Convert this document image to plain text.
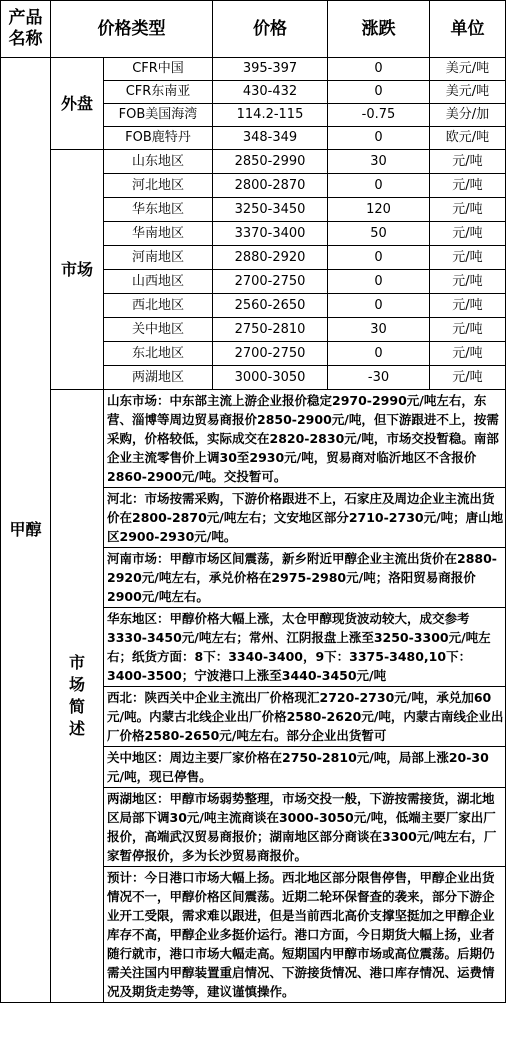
产品名称	价格类型		价格	涨跌	单位
甲醇	外盘	CFR中国	395-397	0	美元/吨
		CFR东南亚	430-432	0	美元/吨
		FOB美国海湾	114.2-115	-0.75	美分/加
		FOB鹿特丹	348-349	0	欧元/吨
	市场	山东地区	2850-2990	30	元/吨
		河北地区	2800-2870	0	元/吨
		华东地区	3250-3450	120	元/吨
		华南地区	3370-3400	50	元/吨
		河南地区	2880-2920	0	元/吨
		山西地区	2700-2750	0	元/吨
		西北地区	2560-2650	0	元/吨
		关中地区	2750-2810	30	元/吨
		东北地区	2700-2750	0	元/吨
		两湖地区	3000-3050	-30	元/吨
	市场简述	山东市场：中东部主流上游企业报价稳定2970-2990元/吨左右，东营、淄博等周边贸易商报价2850-2900元/吨，但下游跟进不上，按需采购，价格较低，实际成交在2820-2830元/吨，市场交投暂稳。南部企业主流零售价上调30至2930元/吨，贸易商对临沂地区不含报价2860-2900元/吨。交投暂可。			
		河北：市场按需采购，下游价格跟进不上，石家庄及周边企业主流出货价在2800-2870元/吨左右；文安地区部分2710-2730元/吨；唐山地区2900-2930元/吨。			
		河南市场：甲醇市场区间震荡，新乡附近甲醇企业主流出货价在2880-2920元/吨左右，承兑价格在2975-2980元/吨；洛阳贸易商报价2900元/吨左右。			
		华东地区：甲醇价格大幅上涨，太仓甲醇现货波动较大，成交参考3330-3450元/吨左右；常州、江阴报盘上涨至3250-3300元/吨左右；纸货方面：8下：3340-3400，9下：3375-3480,10下：3400-3500；宁波港口上涨至3440-3450元/吨			
		西北：陕西关中企业主流出厂价格现汇2720-2730元/吨，承兑加60元/吨。内蒙古北线企业出厂价格2580-2620元/吨，内蒙古南线企业出厂价格2580-2650元/吨左右。部分企业出货暂可			
		关中地区：周边主要厂家价格在2750-2810元/吨，局部上涨20-30元/吨，现已停售。			
		两湖地区：甲醇市场弱势整理，市场交投一般，下游按需接货，湖北地区局部下调30元/吨主流商谈在3000-3050元/吨，低端主要厂家出厂报价，高端武汉贸易商报价；湖南地区部分商谈在3300元/吨左右，厂家暂停报价，多为长沙贸易商报价。			
		预计：今日港口市场大幅上扬。西北地区部分限售停售，甲醇企业出货情况不一，甲醇价格区间震荡。近期二轮环保督查的袭来，部分下游企业开工受限，需求难以跟进，但是当前西北高价支撑坚挺加之甲醇企业库存不高，甲醇企业多挺价运行。港口方面，今日期货大幅上扬，业者随行就市，港口市场大幅走高。短期国内甲醇市场或高位震荡。后期仍需关注国内甲醇装置重启情况、下游接货情况、港口库存情况、运费情况及期货走势等，建议谨慎操作。			
